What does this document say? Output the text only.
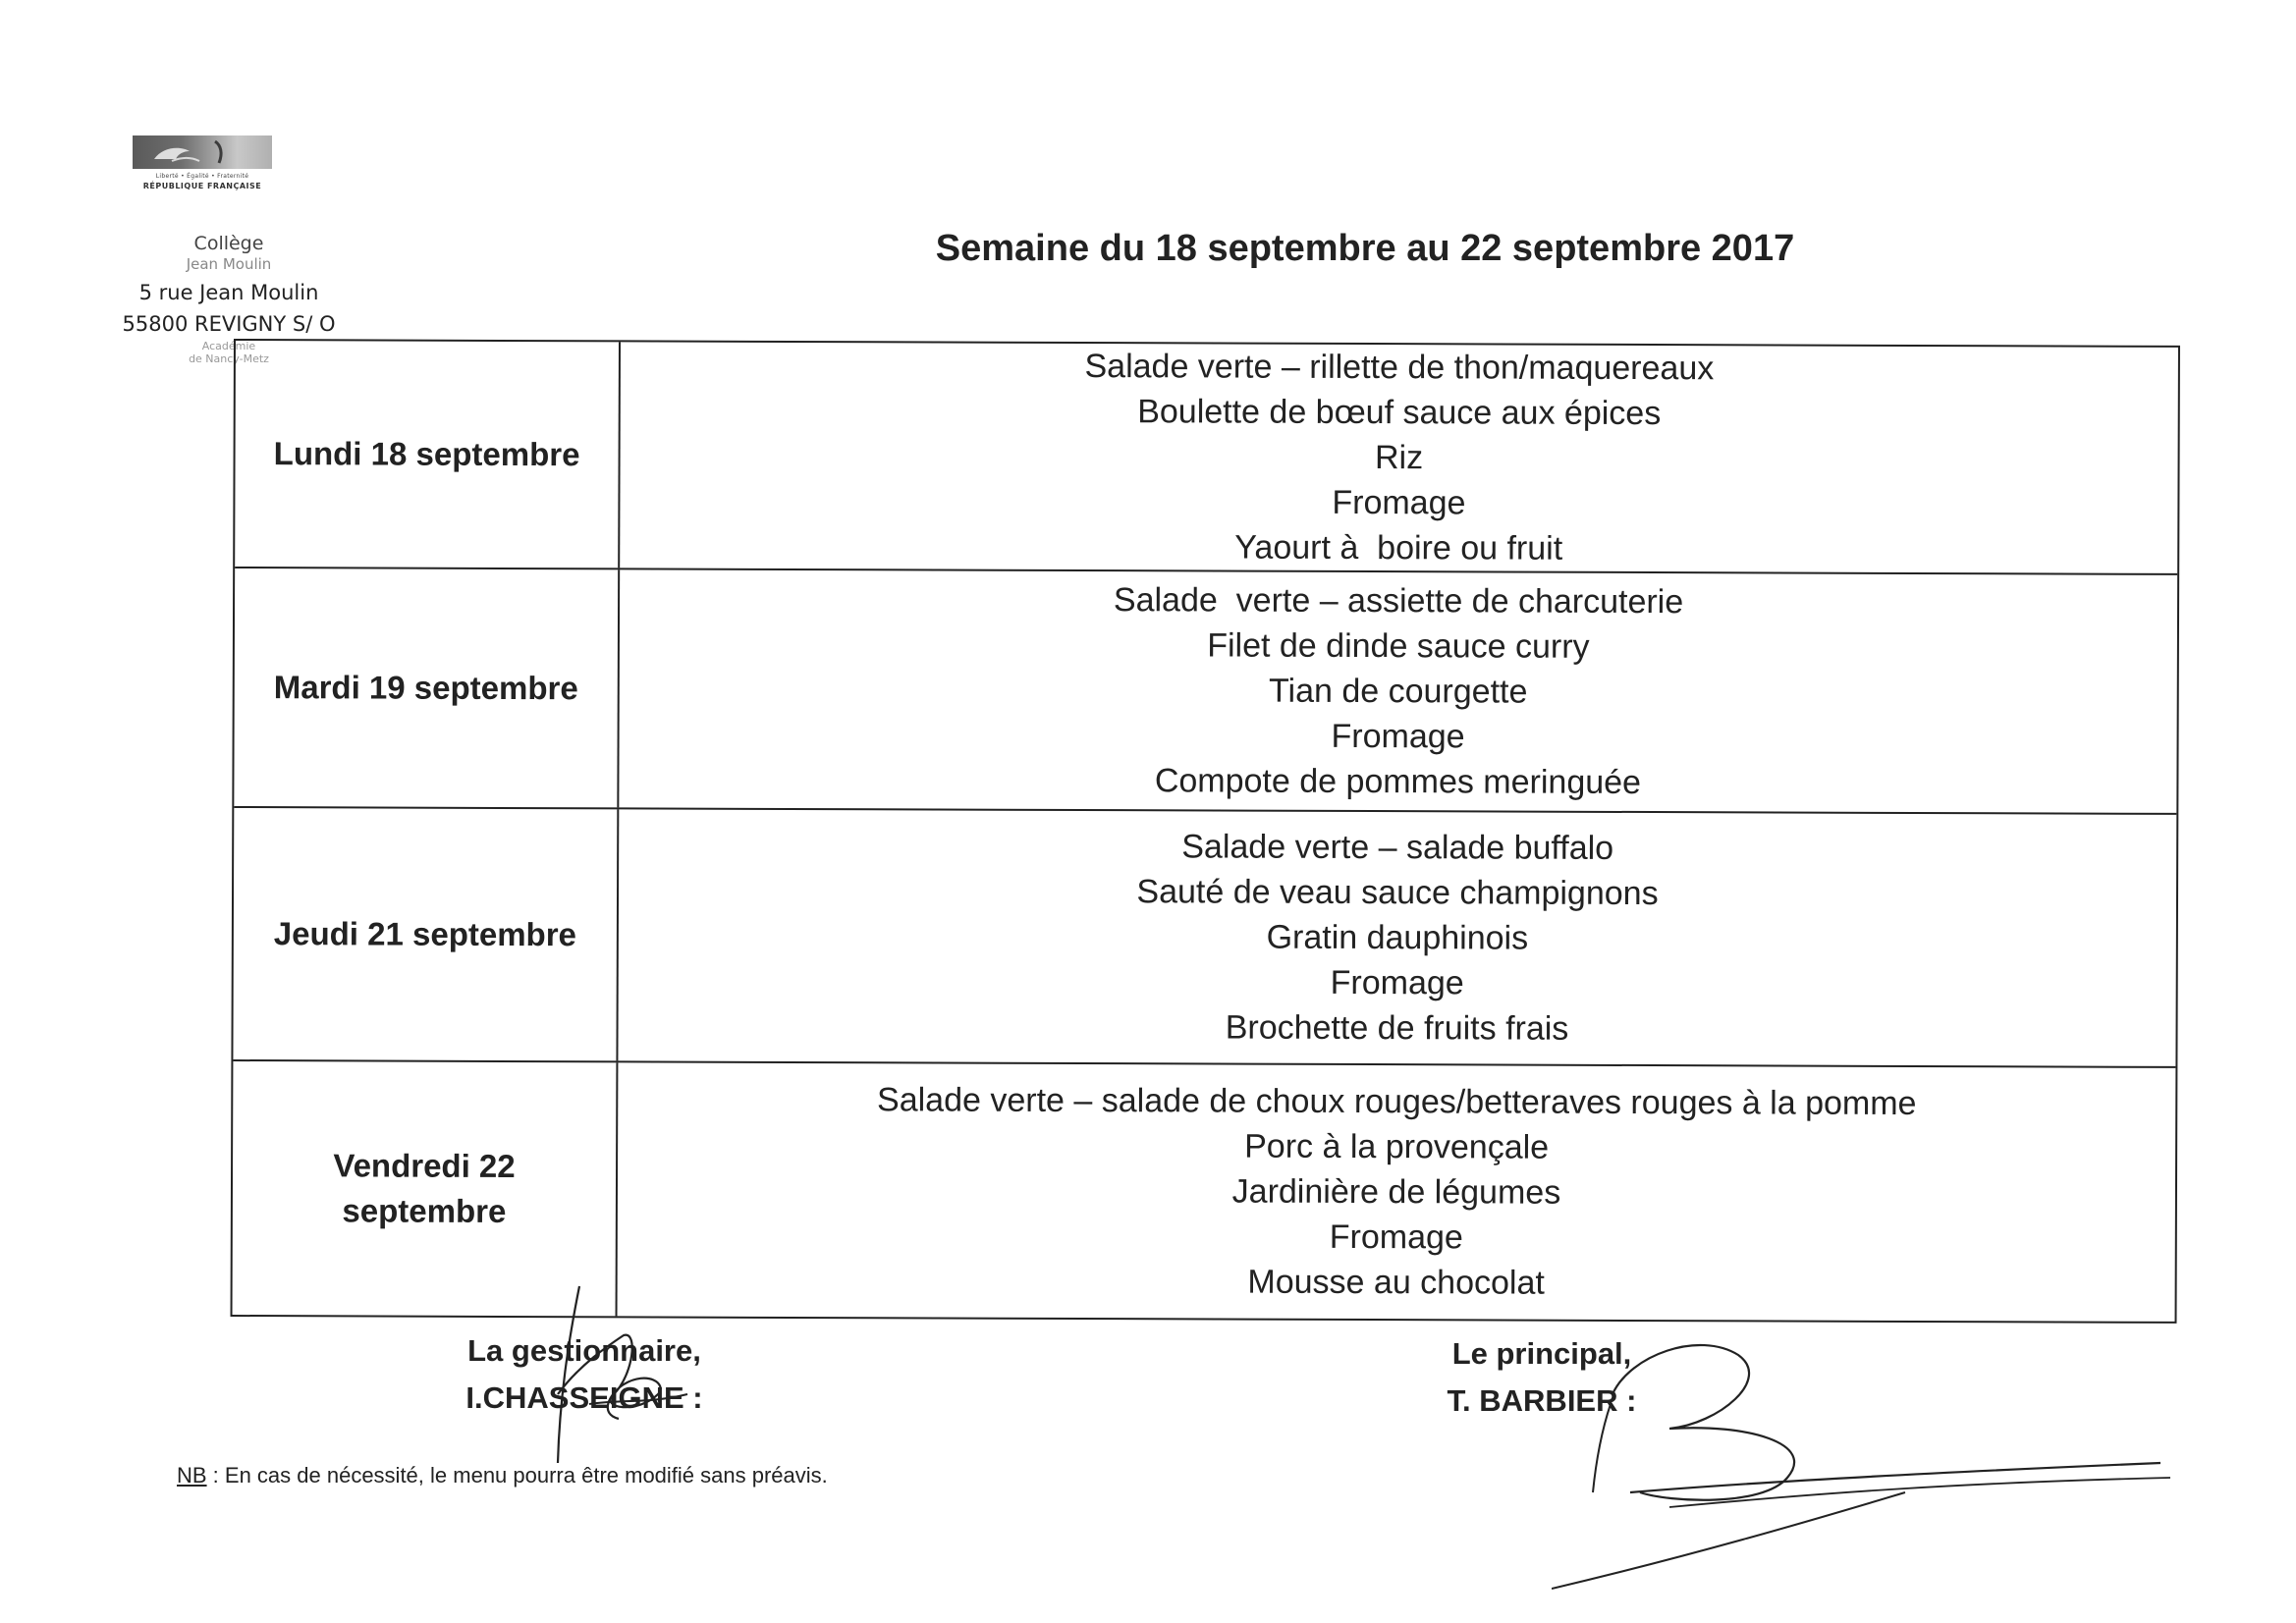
Liberté • Égalité • Fraternité
RÉPUBLIQUE FRANÇAISE
Collège
Jean Moulin
5 rue Jean Moulin
55800 REVIGNY S/ O
Académie
de Nancy-Metz
Semaine du 18 septembre au 22 septembre 2017
Lundi 18 septembre
Salade verte – rillette de thon/maquereaux
Boulette de bœuf sauce aux épices
Riz
Fromage
Yaourt à  boire ou fruit
Mardi 19 septembre
Salade  verte – assiette de charcuterie
Filet de dinde sauce curry
Tian de courgette
Fromage
Compote de pommes meringuée
Jeudi 21 septembre
Salade verte – salade buffalo
Sauté de veau sauce champignons
Gratin dauphinois
Fromage
Brochette de fruits frais
Vendredi 22 septembre
Salade verte – salade de choux rouges/betteraves rouges à la pomme
Porc à la provençale
Jardinière de légumes
Fromage
Mousse au chocolat
La gestionnaire,
I.CHASSEIGNE :
Le principal,
T. BARBIER :
NB : En cas de nécessité, le menu pourra être modifié sans préavis.
